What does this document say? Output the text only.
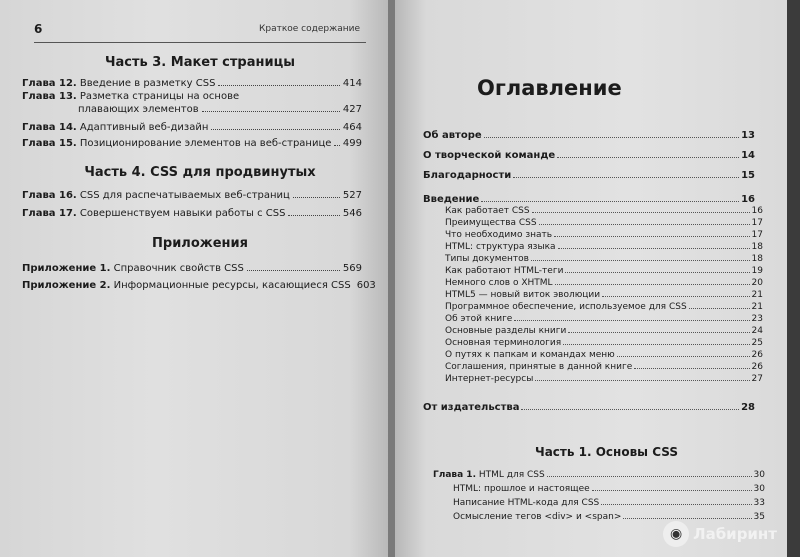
6	Краткое содержание
Часть 3. Макет страницы
Глава 12. Введение в разметку CSS	414
Глава 13. Разметка страницы на основе
плавающих элементов	427
Глава 14. Адаптивный веб-дизайн	464
Глава 15. Позиционирование элементов на веб-странице 499
Часть 4. CSS для продвинутых
Глава 16. CSS для распечатываемых веб-страниц	527
Глава 17. Совершенствуем навыки работы с CSS	546
Приложения
Приложение 1. Справочник свойств CSS	569
Приложение 2. Информационные ресурсы, касающиеся CSS 603
Оглавление
Об авторе	13
О творческой команде	14
Благодарности	15
Введение	16
Как работает CSS	16
Преимущества CSS	17
Что необходимо знать	17
HTML: структура языка	18
Типы документов	18
Как работают HTML-теги	19
Немного слов о XHTML	20
HTML5 — новый виток эволюции	21
Программное обеспечение, используемое для CSS	21
Об этой книге	23
Основные разделы книги	24
Основная терминология	25
О путях к папкам и командах меню	26
Соглашения, принятые в данной книге	26
Интернет-ресурсы	27
От издательства	28
Часть 1. Основы CSS
Глава 1. HTML для CSS	30
HTML: прошлое и настоящее	30
Написание HTML-кода для CSS	33
Осмысление тегов <div> и <span>	35
◉ Лабиринт
